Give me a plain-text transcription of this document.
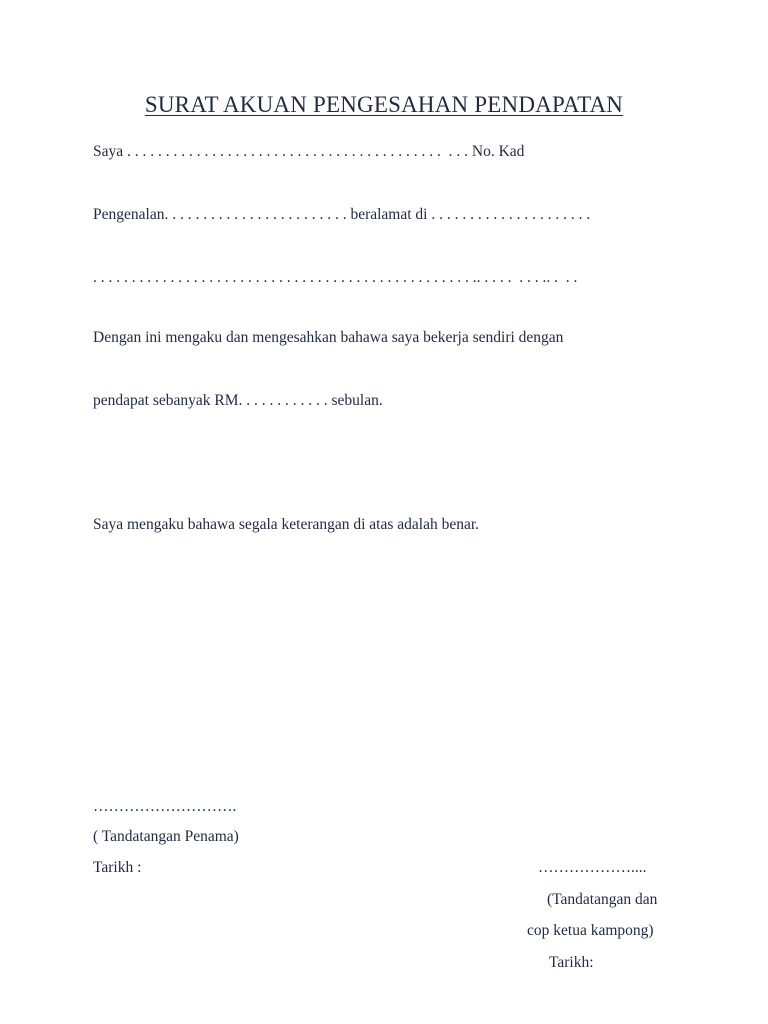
SURAT AKUAN PENGESAHAN PENDAPATAN
Saya . . . . . . . . . . . . . . . . . . . . . . . . . . . . . . . . . . . . . . . . .  . . . No. Kad
Pengenalan. . . . . . . . . . . . . . . . . . . . . . . . beralamat di . . . . . . . . . . . . . . . . . . . . .
. . . . . . . . . . . . . . . . . . . . . . . . . . . . . . . . . . . . . . . . . . . . . . . . . .. . . . .  . . . .. .  . .
Dengan ini mengaku dan mengesahkan bahawa saya bekerja sendiri dengan
pendapat sebanyak RM. . . . . . . . . . . . sebulan.
Saya mengaku bahawa segala keterangan di atas adalah benar.
……………………….
( Tandatangan Penama)
Tarikh :	………………....
(Tandatangan dan
cop ketua kampong)
Tarikh:
